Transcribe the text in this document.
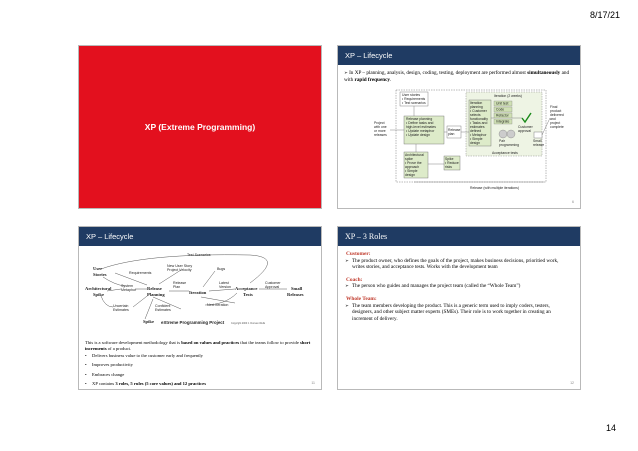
8/17/21
XP (Extreme Programming)
XP – Lifecycle
➢ In XP – planning, analysis, design, coding, testing, deployment are performed almost simultaneously and with rapid frequency.
User stories
• Requirements
• Test scenarios
Project
with one
or more
releases
Iteration (2 weeks)
Release planning
• Define tasks and
high-level estimates
• Update metaphor
• Update design
Release
plan
Iteration
planning
• Customer
selects
functionality
• Tasks and
estimates
defined
• Metaphor
• Simple
design
Unit test
Code
Refactor
Integrate
Pair
programming
Customer
approval
Small
release
Acceptance tests
Final
product
delivered
and
project
complete
Architectural
spike
• Prove the
approach
• Simple
design
Spike
• Reduce
risks
Release (with multiple iterations)
6
XP – Lifecycle
Test Scenarios
User
Stories	Requirements
New User Story
Project Velocity	Bugs
Architectural
Spike
System
Metaphor Release
Planning
Release
Plan
Iteration
Latest
Version Acceptance
Tests
Customer
Approval	Small
Releases
Uncertain
Estimates
Confident
Estimates
Next Iteration
Spike eXtreme Programming Project	Copyright 2000 J. Donvan Wells

This is a software development methodology that is based on values and practices that the teams follow to provide short increments of a product.

• Delivers business value to the customer early and frequently
• Improves productivity
• Embraces change
• XP contains 3 roles, 5 rules (5 core values) and 12 practices	11
XP – 3 Roles
Customer:

➢ The product owner, who defines the goals of the project, makes business decisions, prioritied work, writes stories, and acceptance tests. Works with the development team

Coach:

➢ The person who guides and manages the project team (called the “Whole Team”)

Whole Team:

➢ The team members developing the product. This is a generic term used to imply coders, testers, designers, and other subject matter experts (SMEs). Their role is to work together in creating an increment of delivery.

12
14
